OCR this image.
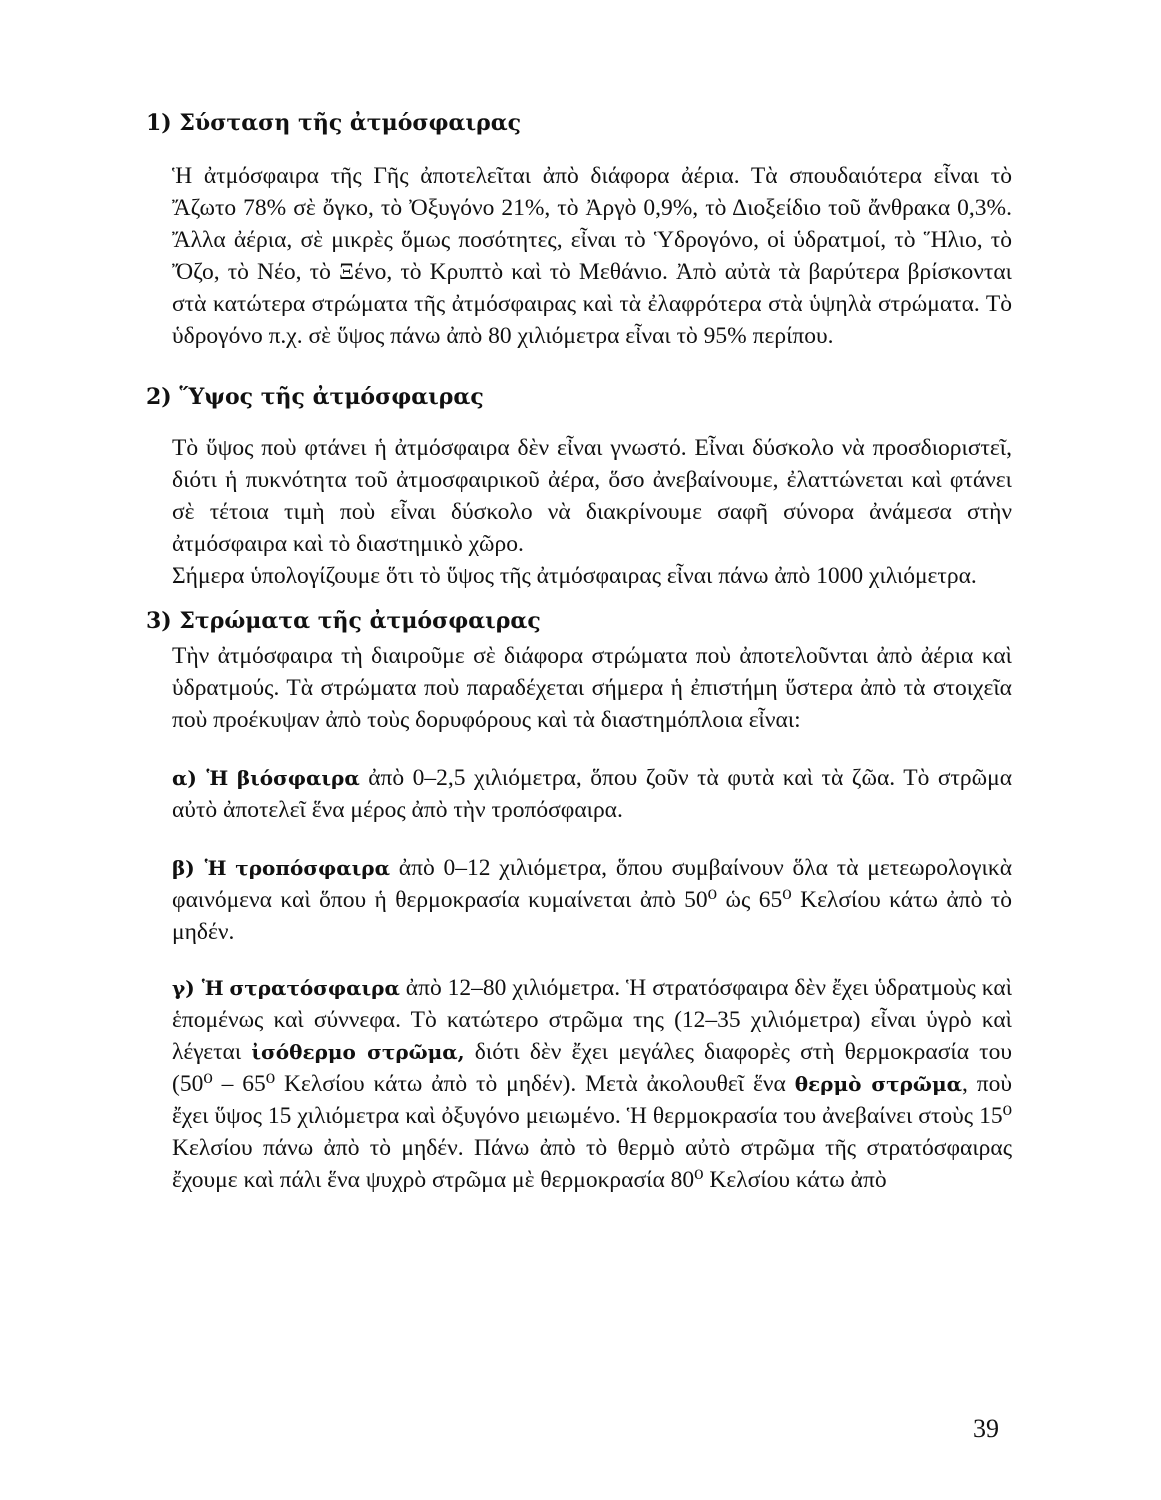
1) Σύσταση τῆς ἀτμόσφαιρας

Ἡ ἀτμόσφαιρα τῆς Γῆς ἀποτελεῖται ἀπὸ διάφορα ἀέρια. Τὰ σπουδαιότερα εἶναι τὸ Ἄζωτο 78% σὲ ὄγκο, τὸ Ὀξυγόνο 21%, τὸ Ἀργὸ 0,9%, τὸ Διοξείδιο τοῦ ἄνθρακα 0,3%. Ἄλλα ἀέρια, σὲ μικρὲς ὅμως ποσότητες, εἶναι τὸ Ὑδρογόνο, οἱ ὑδρατμοί, τὸ Ἥλιο, τὸ Ὄζο, τὸ Νέο, τὸ Ξένο, τὸ Κρυπτὸ καὶ τὸ Μεθάνιο. Ἀπὸ αὐτὰ τὰ βαρύτερα βρίσκονται στὰ κατώτερα στρώματα τῆς ἀτμόσφαιρας καὶ τὰ ἐλαφρότερα στὰ ὑψηλὰ στρώματα. Τὸ ὑδρογόνο π.χ. σὲ ὕψος πάνω ἀπὸ 80 χιλιόμετρα εἶναι τὸ 95% περίπου.

2) Ὕψος τῆς ἀτμόσφαιρας

Τὸ ὕψος ποὺ φτάνει ἡ ἀτμόσφαιρα δὲν εἶναι γνωστό. Εἶναι δύσκολο νὰ προσδιοριστεῖ, διότι ἡ πυκνότητα τοῦ ἀτμοσφαιρικοῦ ἀέρα, ὅσο ἀνεβαίνουμε, ἐλαττώνεται καὶ φτάνει σὲ τέτοια τιμὴ ποὺ εἶναι δύσκολο νὰ διακρίνουμε σαφῆ σύνορα ἀνάμεσα στὴν ἀτμόσφαιρα καὶ τὸ διαστημικὸ χῶρο.

Σήμερα ὑπολογίζουμε ὅτι τὸ ὕψος τῆς ἀτμόσφαιρας εἶναι πάνω ἀπὸ 1000 χιλιόμετρα.

3) Στρώματα τῆς ἀτμόσφαιρας

Τὴν ἀτμόσφαιρα τὴ διαιροῦμε σὲ διάφορα στρώματα ποὺ ἀποτελοῦνται ἀπὸ ἀέρια καὶ ὑδρατμούς. Τὰ στρώματα ποὺ παραδέχεται σήμερα ἡ ἐπιστήμη ὕστερα ἀπὸ τὰ στοιχεῖα ποὺ προέκυψαν ἀπὸ τοὺς δορυφόρους καὶ τὰ διαστημόπλοια εἶναι:

α) Ἡ βιόσφαιρα ἀπὸ 0–2,5 χιλιόμετρα, ὅπου ζοῦν τὰ φυτὰ καὶ τὰ ζῶα. Τὸ στρῶμα αὐτὸ ἀποτελεῖ ἕνα μέρος ἀπὸ τὴν τροπόσφαιρα.

β) Ἡ τροπόσφαιρα ἀπὸ 0–12 χιλιόμετρα, ὅπου συμβαίνουν ὅλα τὰ μετεωρολογικὰ φαινόμενα καὶ ὅπου ἡ θερμοκρασία κυμαίνεται ἀπὸ 50⁰ ὡς 65⁰ Κελσίου κάτω ἀπὸ τὸ μηδέν.

γ) Ἡ στρατόσφαιρα ἀπὸ 12–80 χιλιόμετρα. Ἡ στρατόσφαιρα δὲν ἔχει ὑδρατμοὺς καὶ ἑπομένως καὶ σύννεφα. Τὸ κατώτερο στρῶμα της (12–35 χιλιόμετρα) εἶναι ὑγρὸ καὶ λέγεται ἰσόθερμο στρῶμα, διότι δὲν ἔχει μεγάλες διαφορὲς στὴ θερμοκρασία του (50⁰ – 65⁰ Κελσίου κάτω ἀπὸ τὸ μηδέν). Μετὰ ἀκολουθεῖ ἕνα θερμὸ στρῶμα, ποὺ ἔχει ὕψος 15 χιλιόμετρα καὶ ὀξυγόνο μειωμένο. Ἡ θερμοκρασία του ἀνεβαίνει στοὺς 15⁰ Κελσίου πάνω ἀπὸ τὸ μηδέν. Πάνω ἀπὸ τὸ θερμὸ αὐτὸ στρῶμα τῆς στρατόσφαιρας ἔχουμε καὶ πάλι ἕνα ψυχρὸ στρῶμα μὲ θερμοκρασία 80⁰ Κελσίου κάτω ἀπὸ

39
